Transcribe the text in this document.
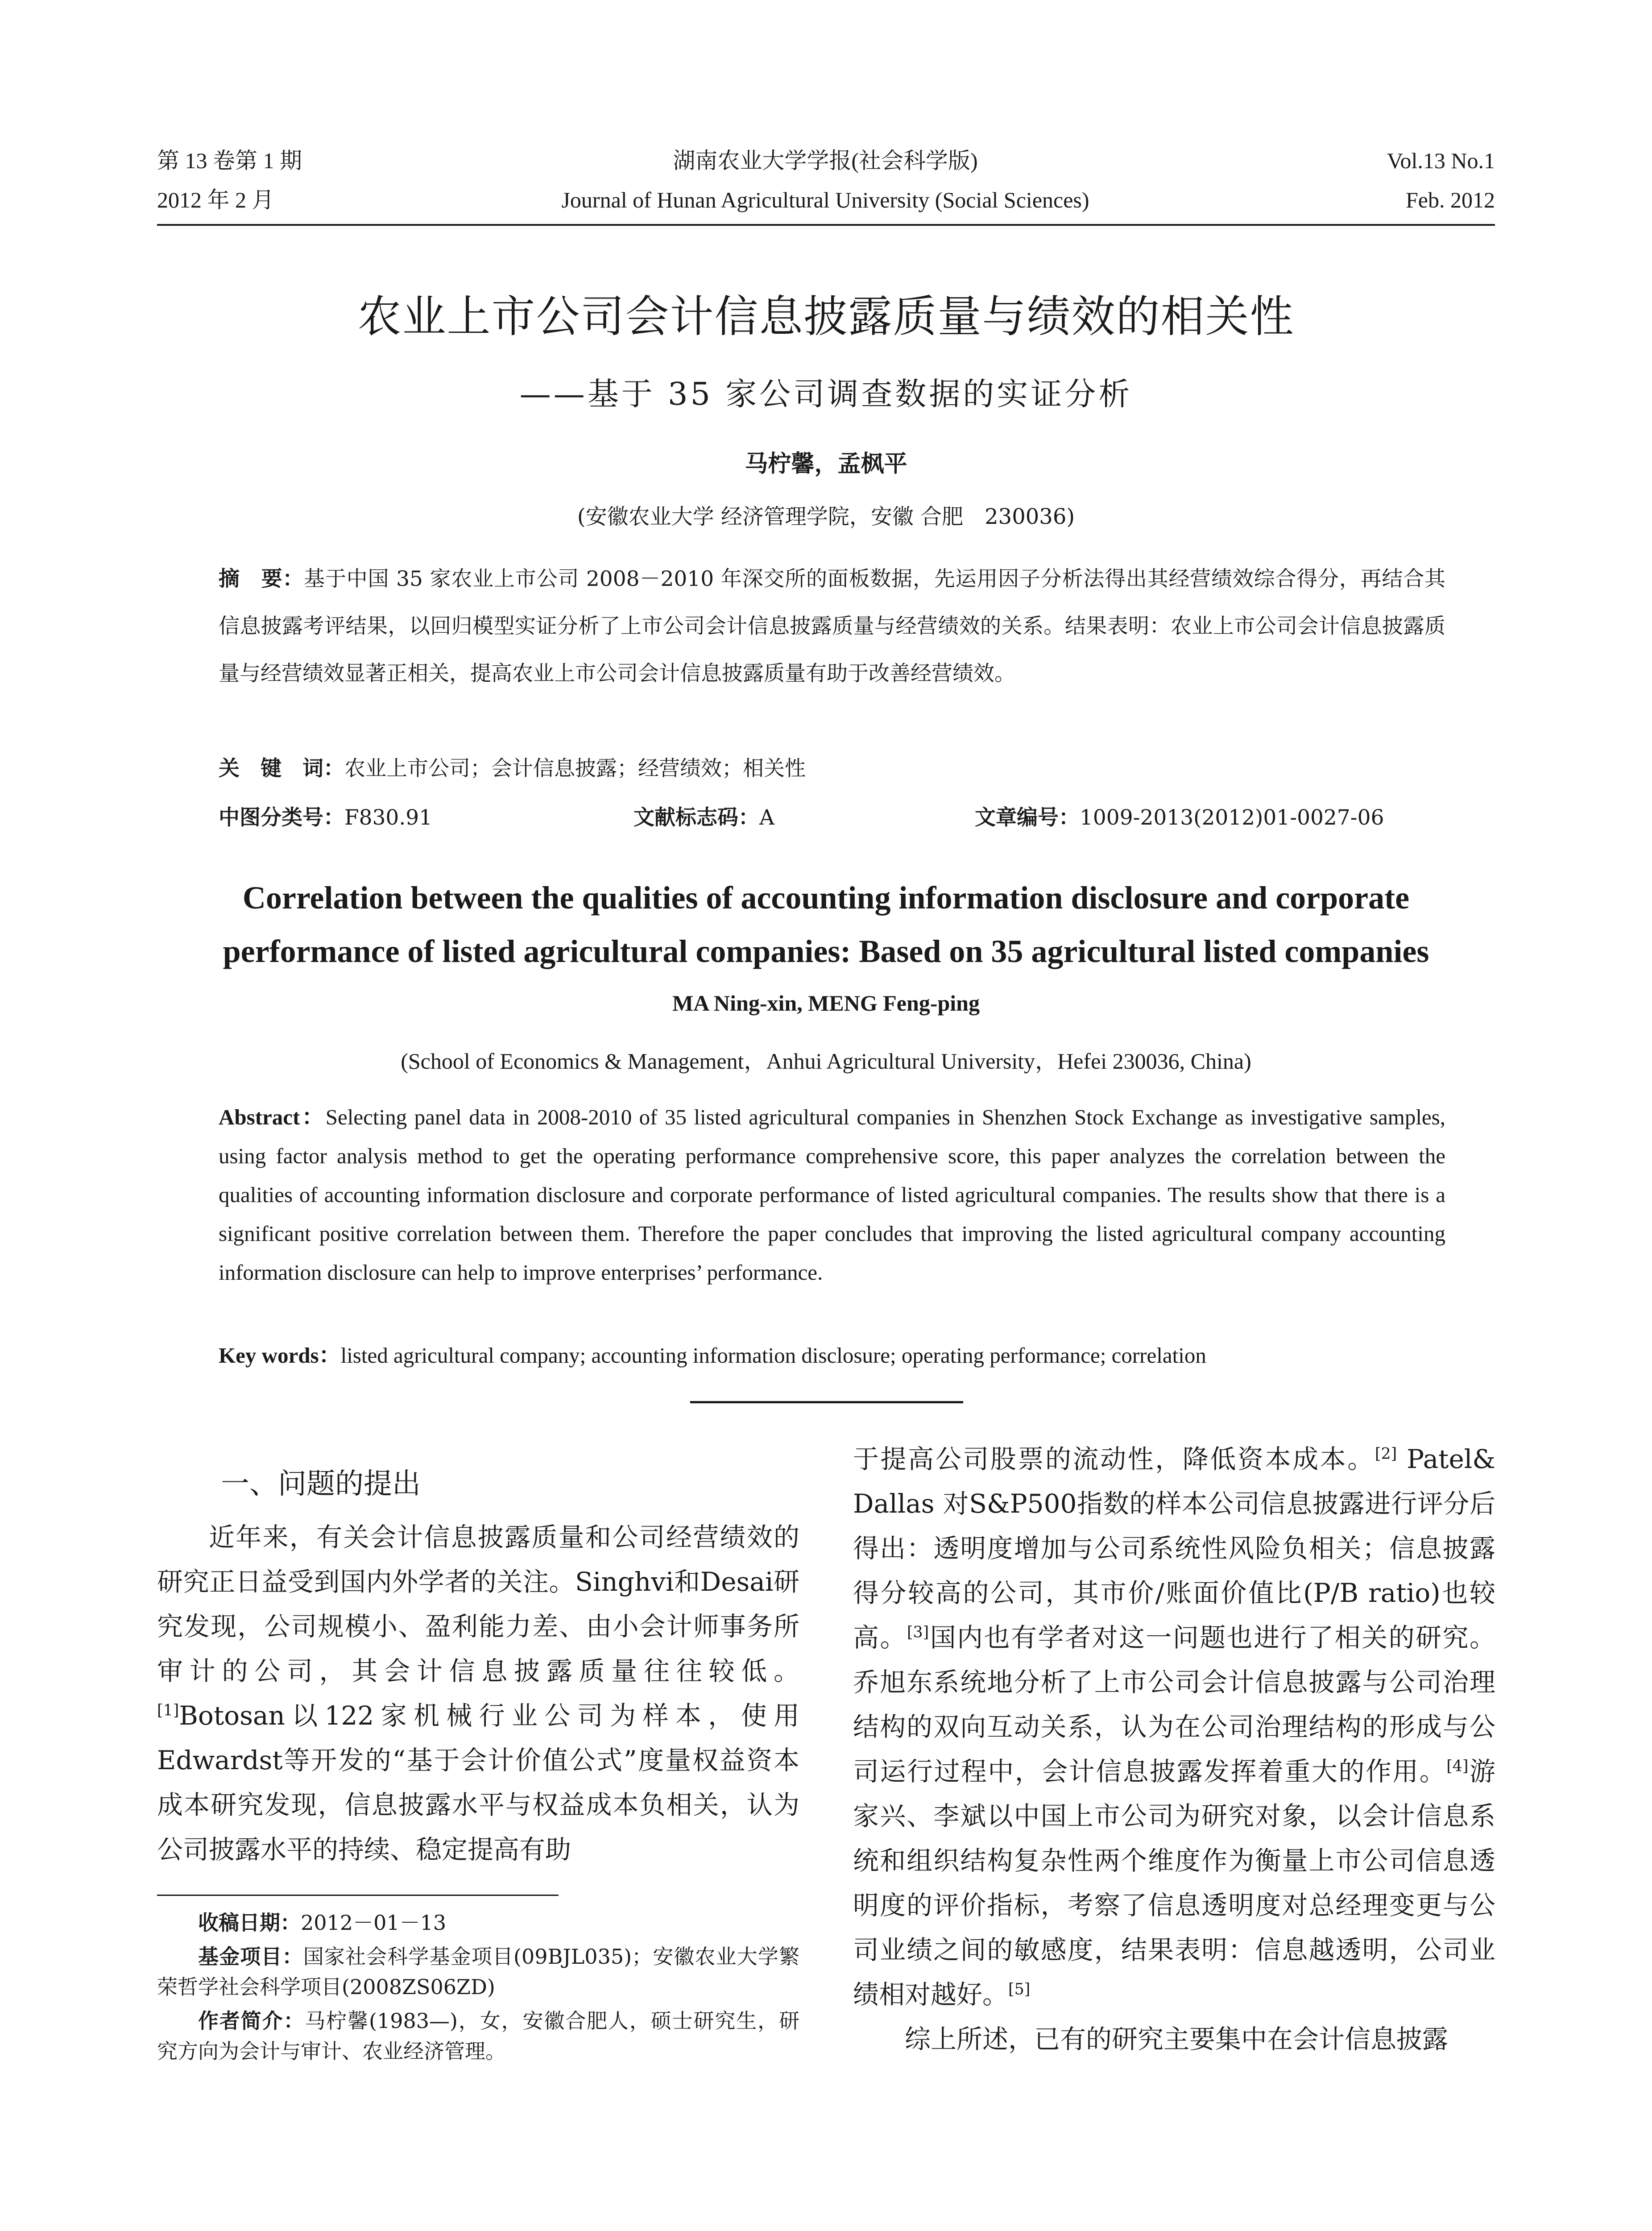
第 13 卷第 1 期	湖南农业大学学报(社会科学版)	Vol.13 No.1
2012 年 2 月	Journal of Hunan Agricultural University (Social Sciences)	Feb. 2012
农业上市公司会计信息披露质量与绩效的相关性
——基于 35 家公司调查数据的实证分析
马柠馨，孟枫平
(安徽农业大学 经济管理学院，安徽 合肥　230036)
摘　要：基于中国 35 家农业上市公司 2008－2010 年深交所的面板数据，先运用因子分析法得出其经营绩效综合得分，再结合其信息披露考评结果，以回归模型实证分析了上市公司会计信息披露质量与经营绩效的关系。结果表明：农业上市公司会计信息披露质量与经营绩效显著正相关，提高农业上市公司会计信息披露质量有助于改善经营绩效。
关　键　词：农业上市公司；会计信息披露；经营绩效；相关性
中图分类号：F830.91	文献标志码：A	文章编号：1009-2013(2012)01-0027-06
Correlation between the qualities of accounting information disclosure and corporate
performance of listed agricultural companies: Based on 35 agricultural listed companies
MA Ning-xin, MENG Feng-ping
(School of Economics & Management，Anhui Agricultural University，Hefei 230036, China)
Abstract：Selecting panel data in 2008-2010 of 35 listed agricultural companies in Shenzhen Stock Exchange as investigative samples, using factor analysis method to get the operating performance comprehensive score, this paper analyzes the correlation between the qualities of accounting information disclosure and corporate performance of listed agricultural companies. The results show that there is a significant positive correlation between them. Therefore the paper concludes that improving the listed agricultural company accounting information disclosure can help to improve enterprises’ performance.
Key words：listed agricultural company; accounting information disclosure; operating performance; correlation
一、问题的提出

近年来，有关会计信息披露质量和公司经营绩效的研究正日益受到国内外学者的关注。Singhvi和Desai研究发现，公司规模小、盈利能力差、由小会计师事务所审计的公司，其会计信息披露质量往往较低。[1]Botosan以122家机械行业公司为样本，使用Edwardst等开发的“基于会计价值公式”度量权益资本成本研究发现，信息披露水平与权益成本负相关，认为公司披露水平的持续、稳定提高有助

收稿日期：2012－01－13

基金项目：国家社会科学基金项目(09BJL035)；安徽农业大学繁荣哲学社会科学项目(2008ZS06ZD)

作者简介：马柠馨(1983—)，女，安徽合肥人，硕士研究生，研究方向为会计与审计、农业经济管理。

于提高公司股票的流动性，降低资本成本。[2] Patel& Dallas 对S&P500指数的样本公司信息披露进行评分后得出：透明度增加与公司系统性风险负相关；信息披露得分较高的公司，其市价/账面价值比(P/B ratio)也较高。[3]国内也有学者对这一问题也进行了相关的研究。乔旭东系统地分析了上市公司会计信息披露与公司治理结构的双向互动关系，认为在公司治理结构的形成与公司运行过程中，会计信息披露发挥着重大的作用。[4]游家兴、李斌以中国上市公司为研究对象，以会计信息系统和组织结构复杂性两个维度作为衡量上市公司信息透明度的评价指标，考察了信息透明度对总经理变更与公司业绩之间的敏感度，结果表明：信息越透明，公司业绩相对越好。[5]

综上所述，已有的研究主要集中在会计信息披露
